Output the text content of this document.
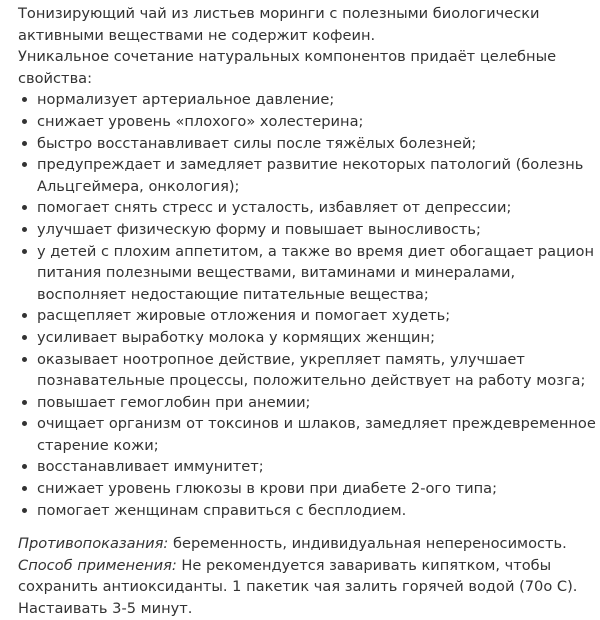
Тонизирующий чай из листьев моринги с полезными биологически активными веществами не содержит кофеин.

Уникальное сочетание натуральных компонентов придаёт целебные свойства:

нормализует артериальное давление;
снижает уровень «плохого» холестерина;
быстро восстанавливает силы после тяжёлых болезней;
предупреждает и замедляет развитие некоторых патологий (болезнь Альцгеймера, онкология);
помогает снять стресс и усталость, избавляет от депрессии;
улучшает физическую форму и повышает выносливость;
у детей с плохим аппетитом, а также во время диет обогащает рацион питания полезными веществами, витаминами и минералами, восполняет недостающие питательные вещества;
расщепляет жировые отложения и помогает худеть;
усиливает выработку молока у кормящих женщин;
оказывает ноотропное действие, укрепляет память, улучшает познавательные процессы, положительно действует на работу мозга;
повышает гемоглобин при анемии;
очищает организм от токсинов и шлаков, замедляет преждевременное старение кожи;
восстанавливает иммунитет;
снижает уровень глюкозы в крови при диабете 2-ого типа;
помогает женщинам справиться с бесплодием.

Противопоказания: беременность, индивидуальная непереносимость.

Способ применения: Не рекомендуется заваривать кипятком, чтобы сохранить антиоксиданты. 1 пакетик чая залить горячей водой (70o C). Настаивать 3-5 минут.
